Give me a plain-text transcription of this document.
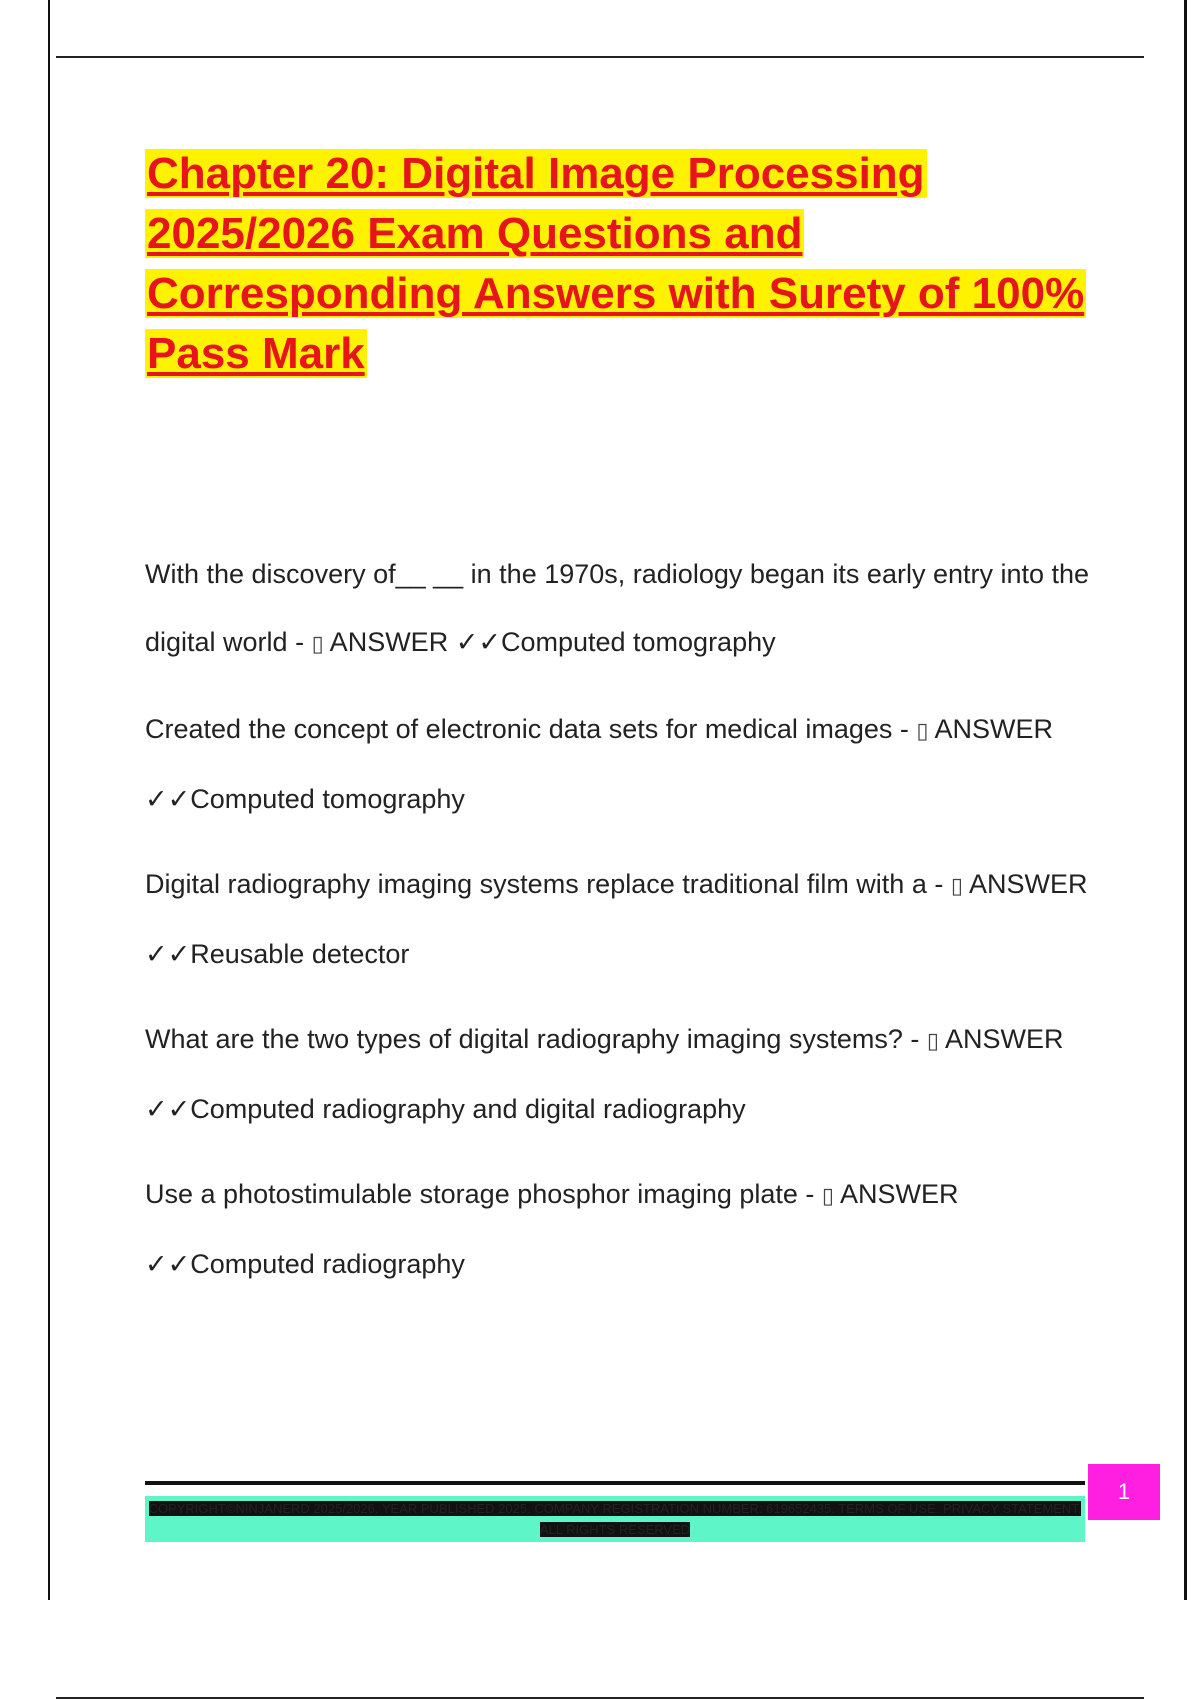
Chapter 20: Digital Image Processing 2025/2026 Exam Questions and Corresponding Answers with Surety of 100% Pass Mark
With the discovery of__ __ in the 1970s, radiology began its early entry into the digital world - ▯ ANSWER ✓✓Computed tomography
Created the concept of electronic data sets for medical images - ▯ ANSWER ✓✓Computed tomography
Digital radiography imaging systems replace traditional film with a - ▯ ANSWER ✓✓Reusable detector
What are the two types of digital radiography imaging systems? - ▯ ANSWER ✓✓Computed radiography and digital radiography
Use a photostimulable storage phosphor imaging plate - ▯ ANSWER ✓✓Computed radiography
COPYRIGHT©NINJANERD 2025/2026. YEAR PUBLISHED 2025. COMPANY REGISTRATION NUMBER: 619652435. TERMS OF USE. PRIVACY STATEMENT. ALL RIGHTS RESERVED
1
